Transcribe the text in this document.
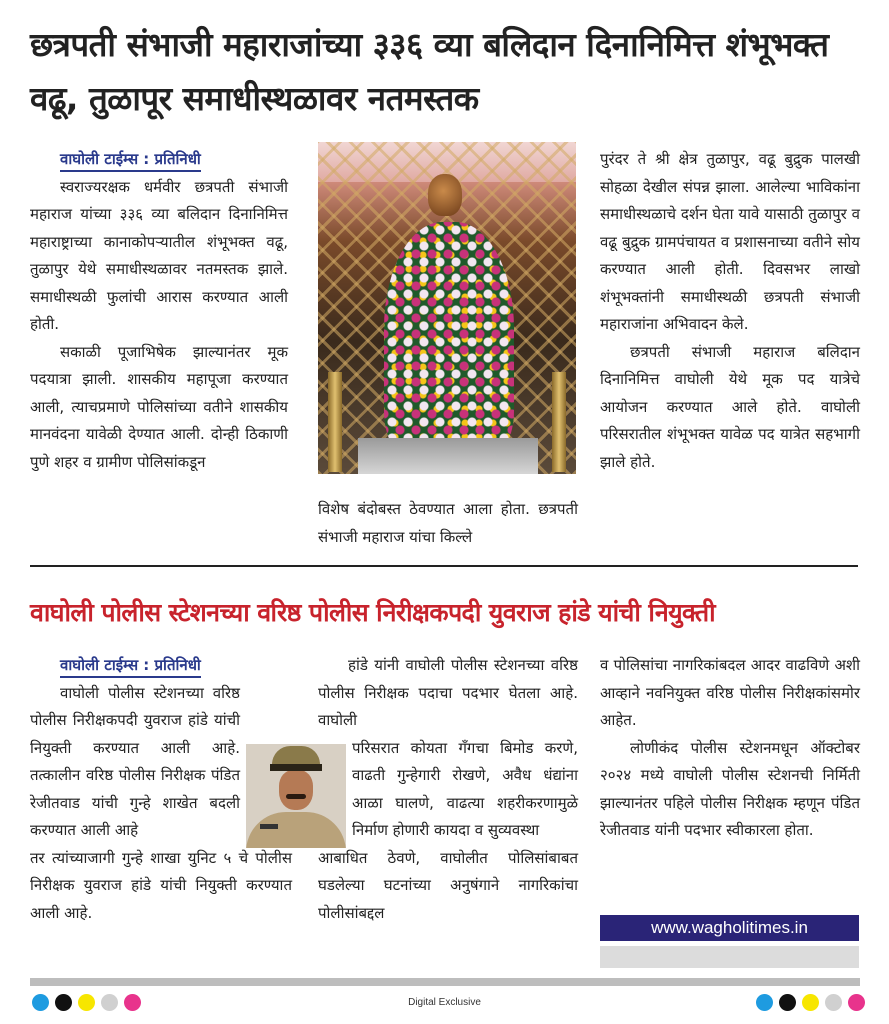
छत्रपती संभाजी महाराजांच्या ३३६ व्या बलिदान दिनानिमित्त शंभूभक्त वढू, तुळापूर समाधीस्थळावर नतमस्तक
वाघोली टाईम्स : प्रतिनिधी

स्वराज्यरक्षक धर्मवीर छत्रपती संभाजी महाराज यांच्या ३३६ व्या बलिदान दिनानिमित्त महाराष्ट्राच्या कानाकोपऱ्यातील शंभूभक्त वढू, तुळापुर येथे समाधीस्थळावर नतमस्तक झाले. समाधीस्थळी फुलांची आरास करण्यात आली होती.

सकाळी पूजाभिषेक झाल्यानंतर मूक पदयात्रा झाली. शासकीय महापूजा करण्यात आली, त्याचप्रमाणे पोलिसांच्या वतीने शासकीय मानवंदना यावेळी देण्यात आली. दोन्ही ठिकाणी पुणे शहर व ग्रामीण पोलिसांकडून

विशेष बंदोबस्त ठेवण्यात आला होता. छत्रपती संभाजी महाराज यांचा किल्ले

पुरंदर ते श्री क्षेत्र तुळापुर, वढू बुद्रुक पालखी सोहळा देखील संपन्न झाला. आलेल्या भाविकांना समाधीस्थळाचे दर्शन घेता यावे यासाठी तुळापुर व वढू बुद्रुक ग्रामपंचायत व प्रशासनाच्या वतीने सोय करण्यात आली होती. दिवसभर लाखो शंभूभक्तांनी समाधीस्थळी छत्रपती संभाजी महाराजांना अभिवादन केले.

छत्रपती संभाजी महाराज बलिदान दिनानिमित्त वाघोली येथे मूक पद यात्रेचे आयोजन करण्यात आले होते. वाघोली परिसरातील शंभूभक्त यावेळ पद यात्रेत सहभागी झाले होते.

वाघोली पोलीस स्टेशनच्या वरिष्ठ पोलीस निरीक्षकपदी युवराज हांडे यांची नियुक्ती
वाघोली टाईम्स : प्रतिनिधी

वाघोली पोलीस स्टेशनच्या वरिष्ठ पोलीस निरीक्षकपदी युवराज हांडे यांची नियुक्ती करण्यात आली आहे. तत्कालीन वरिष्ठ पोलीस निरीक्षक पंडित रेजीतवाड यांची गुन्हे शाखेत बदली करण्यात आली आहे

तर त्यांच्याजागी गुन्हे शाखा युनिट ५ चे पोलीस निरीक्षक युवराज हांडे यांची नियुक्ती करण्यात आली आहे.

हांडे यांनी वाघोली पोलीस स्टेशनच्या वरिष्ठ पोलीस निरीक्षक पदाचा पदभार घेतला आहे. वाघोली

परिसरात कोयता गँगचा बिमोड करणे, वाढती गुन्हेगारी रोखणे, अवैध धंद्यांना आळा घालणे, वाढत्या शहरीकरणामुळे निर्माण होणारी कायदा व सुव्यवस्था

आबाधित ठेवणे, वाघोलीत पोलिसांबाबत घडलेल्या घटनांच्या अनुषंगाने नागरिकांचा पोलीसांबद्दल

व पोलिसांचा नागरिकांबदल आदर वाढविणे अशी आव्हाने नवनियुक्त वरिष्ठ पोलीस निरीक्षकांसमोर आहेत.

लोणीकंद पोलीस स्टेशनमधून ऑक्टोबर २०२४ मध्ये वाघोली पोलीस स्टेशनची निर्मिती झाल्यानंतर पहिले पोलीस निरीक्षक म्हणून पंडित रेजीतवाड यांनी पदभार स्वीकारला होता.

www.wagholitimes.in
Digital Exclusive
